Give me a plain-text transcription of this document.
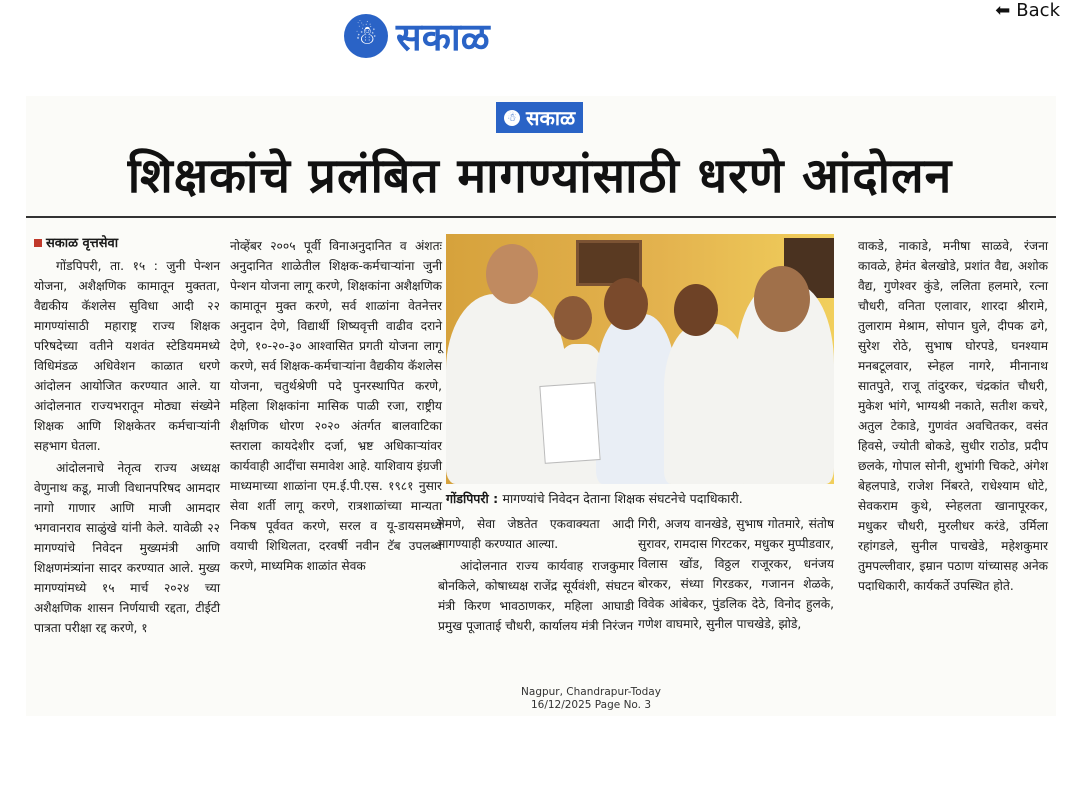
☃ सकाळ
⬅ Back
☃ सकाळ
शिक्षकांचे प्रलंबित मागण्यांसाठी धरणे आंदोलन

सकाळ वृत्तसेवा

गोंडपिपरी, ता. १५ : जुनी पेन्शन योजना, अशैक्षणिक कामातून मुक्तता, वैद्यकीय कॅशलेस सुविधा आदी २२ मागण्यांसाठी महाराष्ट्र राज्य शिक्षक परिषदेच्या वतीने यशवंत स्टेडियममध्ये विधिमंडळ अधिवेशन काळात धरणे आंदोलन आयोजित करण्यात आले. या आंदोलनात राज्यभरातून मोठ्या संख्येने शिक्षक आणि शिक्षकेतर कर्मचाऱ्यांनी सहभाग घेतला.

आंदोलनाचे नेतृत्व राज्य अध्यक्ष वेणुनाथ कडू, माजी विधानपरिषद आमदार नागो गाणार आणि माजी आमदार भगवानराव साळुंखे यांनी केले. यावेळी २२ मागण्यांचे निवेदन मुख्यमंत्री आणि शिक्षणमंत्र्यांना सादर करण्यात आले. मुख्य मागण्यांमध्ये १५ मार्च २०२४ च्या अशैक्षणिक शासन निर्णयाची रद्दता, टीईटी पात्रता परीक्षा रद्द करणे, १

नोव्हेंबर २००५ पूर्वी विनाअनुदानित व अंशतः अनुदानित शाळेतील शिक्षक-कर्मचाऱ्यांना जुनी पेन्शन योजना लागू करणे, शिक्षकांना अशैक्षणिक कामातून मुक्त करणे, सर्व शाळांना वेतनेत्तर अनुदान देणे, विद्यार्थी शिष्यवृत्ती वाढीव दराने देणे, १०-२०-३० आश्वासित प्रगती योजना लागू करणे, सर्व शिक्षक-कर्मचाऱ्यांना वैद्यकीय कॅशलेस योजना, चतुर्थश्रेणी पदे पुनरस्थापित करणे, महिला शिक्षकांना मासिक पाळी रजा, राष्ट्रीय शैक्षणिक धोरण २०२० अंतर्गत बालवाटिका स्तराला कायदेशीर दर्जा, भ्रष्ट अधिकाऱ्यांवर कार्यवाही आदींचा समावेश आहे. याशिवाय इंग्रजी माध्यमाच्या शाळांना एम.ई.पी.एस. १९८१ नुसार सेवा शर्ती लागू करणे, रात्रशाळांच्या मान्यता निकष पूर्ववत करणे, सरल व यू-डायसमध्ये वयाची शिथिलता, दरवर्षी नवीन टॅब उपलब्ध करणे, माध्यमिक शाळांत सेवक

गोंडपिपरी : मागण्यांचे निवेदन देताना शिक्षक संघटनेचे पदाधिकारी.

नेमणे, सेवा जेष्ठतेत एकवाक्यता आदी मागण्याही करण्यात आल्या.

आंदोलनात राज्य कार्यवाह राजकुमार बोनकिले, कोषाध्यक्ष राजेंद्र सूर्यवंशी, संघटन मंत्री किरण भावठाणकर, महिला आघाडी प्रमुख पूजाताई चौधरी, कार्यालय मंत्री निरंजन

गिरी, अजय वानखेडे, सुभाष गोतमारे, संतोष सुरावर, रामदास गिरटकर, मधुकर मुप्पीडवार, विलास खोंड, विठ्ठल राजूरकर, धनंजय बोरकर, संध्या गिरडकर, गजानन शेळके, विवेक आंबेकर, पुंडलिक देठे, विनोद हुलके, गणेश वाघमारे, सुनील पाचखेडे, झोडे,

वाकडे, नाकाडे, मनीषा साळवे, रंजना कावळे, हेमंत बेलखोडे, प्रशांत वैद्य, अशोक वैद्य, गुणेश्वर कुंडे, ललिता हलमारे, रत्ना चौधरी, वनिता एलावार, शारदा श्रीरामे, तुलाराम मेश्राम, सोपान घुले, दीपक ढगे, सुरेश रोठे, सुभाष घोरपडे, घनश्याम मनबटूलवार, स्नेहल नागरे, मीनानाथ सातपुते, राजू तांदुरकर, चंद्रकांत चौधरी, मुकेश भांगे, भाग्यश्री नकाते, सतीश कचरे, अतुल टेकाडे, गुणवंत अवचितकर, वसंत हिवसे, ज्योती बोकडे, सुधीर राठोड, प्रदीप छलके, गोपाल सोनी, शुभांगी चिकटे, अंगेश बेहलपाडे, राजेश निंबरते, राधेश्याम धोटे, सेवकराम कुथे, स्नेहलता खानापूरकर, मधुकर चौधरी, मुरलीधर करंडे, उर्मिला रहांगडले, सुनील पाचखेडे, महेशकुमार तुमपल्लीवार, इम्रान पठाण यांच्यासह अनेक पदाधिकारी, कार्यकर्ते उपस्थित होते.

Nagpur, Chandrapur-Today
16/12/2025 Page No. 3
